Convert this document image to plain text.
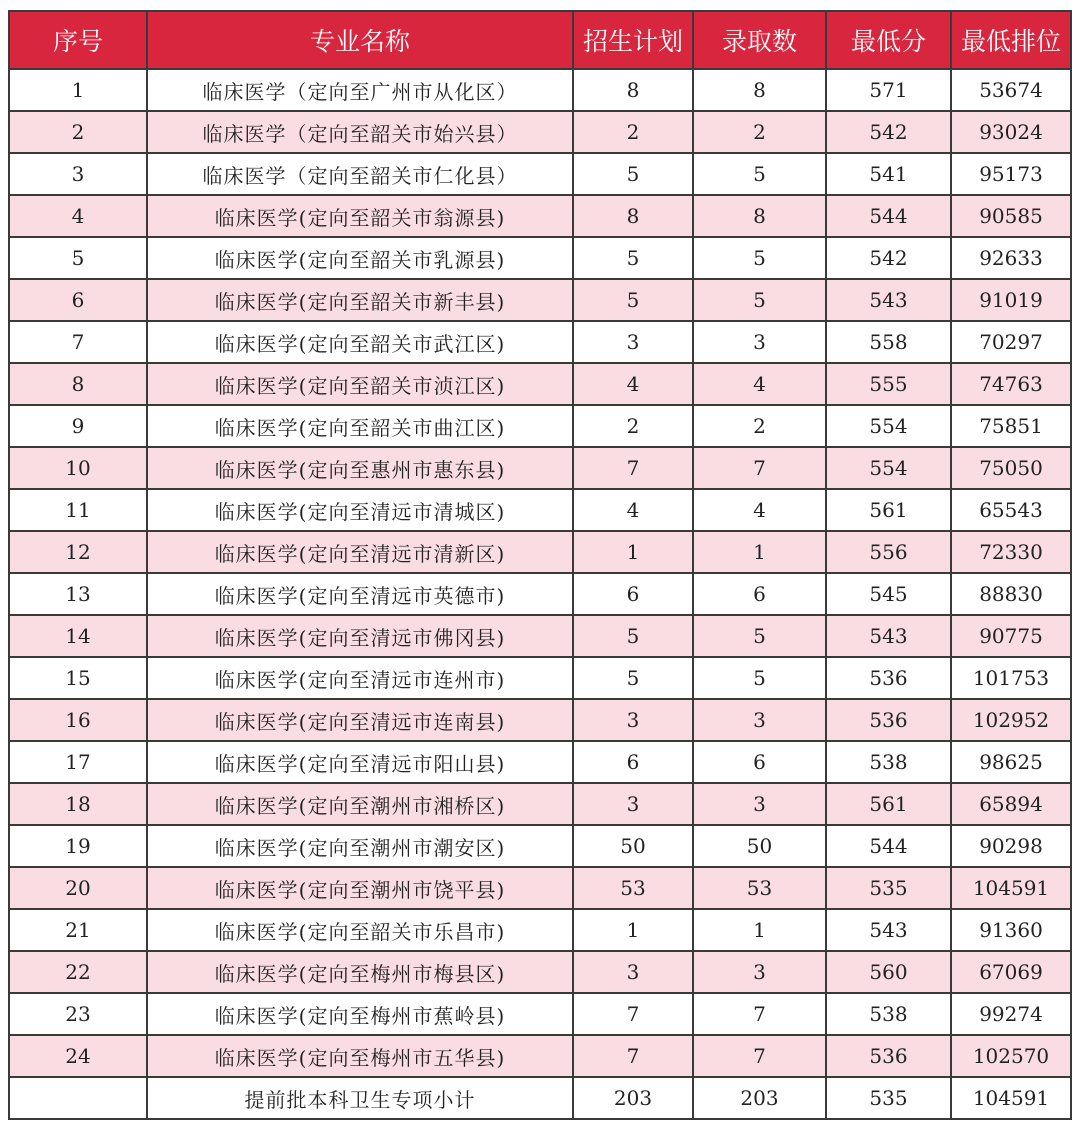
序号	专业名称	招生计划	录取数	最低分	最低排位
1	临床医学（定向至广州市从化区）	8	8	571	53674
2	临床医学（定向至韶关市始兴县）	2	2	542	93024
3	临床医学（定向至韶关市仁化县）	5	5	541	95173
4	临床医学(定向至韶关市翁源县)	8	8	544	90585
5	临床医学(定向至韶关市乳源县)	5	5	542	92633
6	临床医学(定向至韶关市新丰县)	5	5	543	91019
7	临床医学(定向至韶关市武江区)	3	3	558	70297
8	临床医学(定向至韶关市浈江区)	4	4	555	74763
9	临床医学(定向至韶关市曲江区)	2	2	554	75851
10	临床医学(定向至惠州市惠东县)	7	7	554	75050
11	临床医学(定向至清远市清城区)	4	4	561	65543
12	临床医学(定向至清远市清新区)	1	1	556	72330
13	临床医学(定向至清远市英德市)	6	6	545	88830
14	临床医学(定向至清远市佛冈县)	5	5	543	90775
15	临床医学(定向至清远市连州市)	5	5	536	101753
16	临床医学(定向至清远市连南县)	3	3	536	102952
17	临床医学(定向至清远市阳山县)	6	6	538	98625
18	临床医学(定向至潮州市湘桥区)	3	3	561	65894
19	临床医学(定向至潮州市潮安区)	50	50	544	90298
20	临床医学(定向至潮州市饶平县)	53	53	535	104591
21	临床医学(定向至韶关市乐昌市)	1	1	543	91360
22	临床医学(定向至梅州市梅县区)	3	3	560	67069
23	临床医学(定向至梅州市蕉岭县)	7	7	538	99274
24	临床医学(定向至梅州市五华县)	7	7	536	102570
	提前批本科卫生专项小计	203	203	535	104591
